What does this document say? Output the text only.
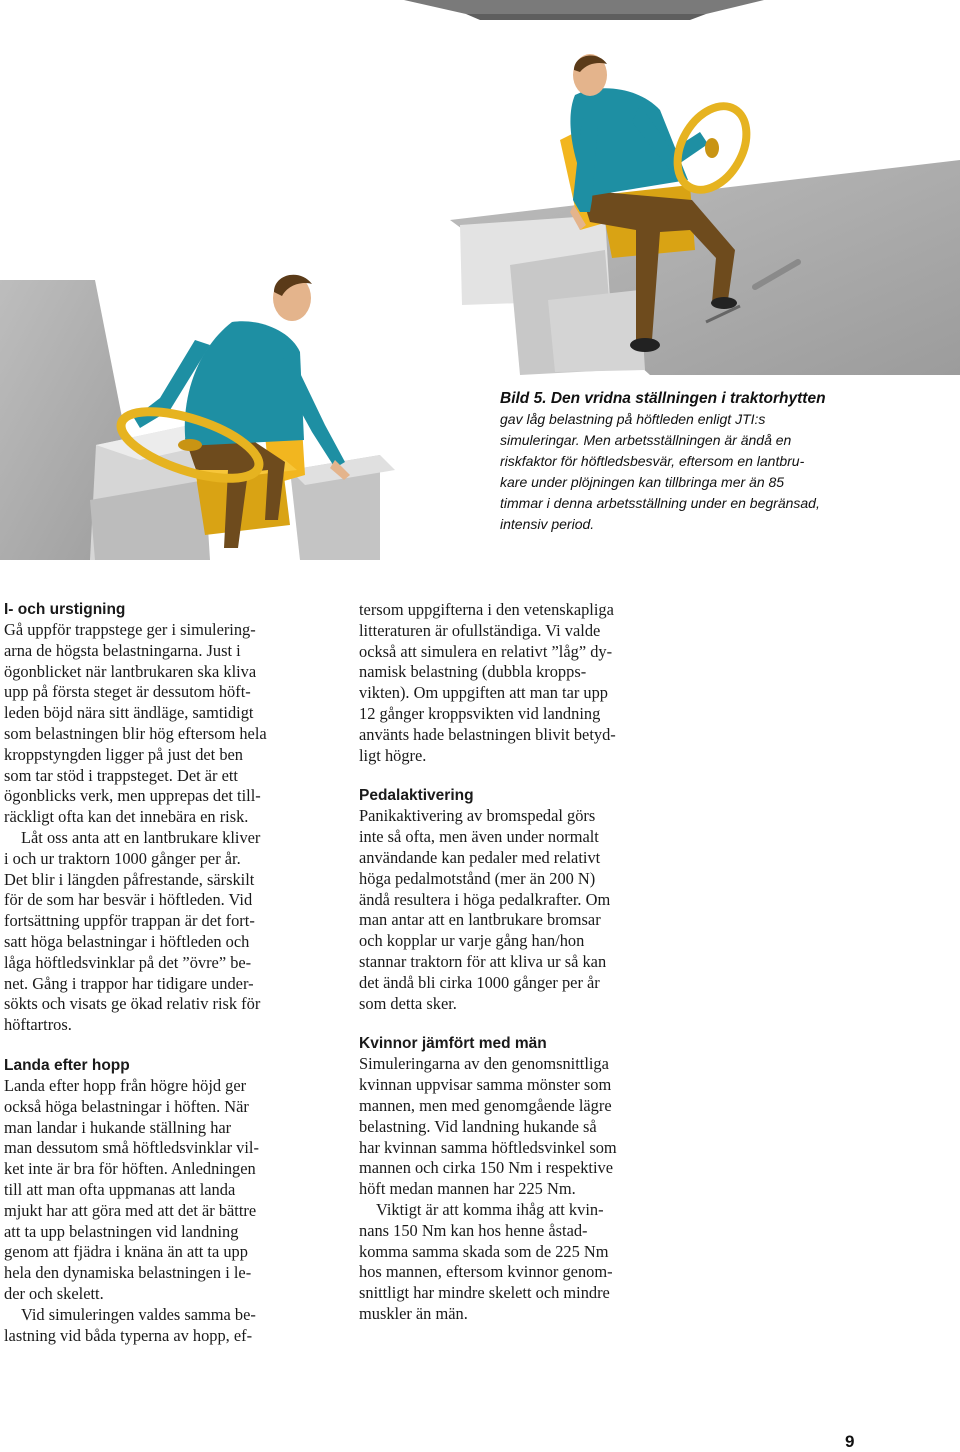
Bild 5. Den vridna ställningen i traktorhytten
gav låg belastning på höftleden enligt JTI:s
simuleringar. Men arbetsställningen är ändå en
riskfaktor för höftledsbesvär, eftersom en lantbru-
kare under plöjningen kan tillbringa mer än 85
timmar i denna arbetsställning under en begränsad,
intensiv period.

I- och urstigning

Gå uppför trappstege ger i simulering-
arna de högsta belastningarna. Just i
ögonblicket när lantbrukaren ska kliva
upp på första steget är dessutom höft-
leden böjd nära sitt ändläge, samtidigt
som belastningen blir hög eftersom hela
kroppstyngden ligger på just det ben
som tar stöd i trappsteget. Det är ett
ögonblicks verk, men upprepas det till-
räckligt ofta kan det innebära en risk.

Låt oss anta att en lantbrukare kliver
i och ur traktorn 1000 gånger per år.
Det blir i längden påfrestande, särskilt
för de som har besvär i höftleden. Vid
fortsättning uppför trappan är det fort-
satt höga belastningar i höftleden och
låga höftledsvinklar på det ”övre” be-
net. Gång i trappor har tidigare under-
sökts och visats ge ökad relativ risk för
höftartros.

Landa efter hopp

Landa efter hopp från högre höjd ger
också höga belastningar i höften. När
man landar i hukande ställning har
man dessutom små höftledsvinklar vil-
ket inte är bra för höften. Anledningen
till att man ofta uppmanas att landa
mjukt har att göra med att det är bättre
att ta upp belastningen vid landning
genom att fjädra i knäna än att ta upp
hela den dynamiska belastningen i le-
der och skelett.

Vid simuleringen valdes samma be-
lastning vid båda typerna av hopp, ef-

tersom uppgifterna i den vetenskapliga
litteraturen är ofullständiga. Vi valde
också att simulera en relativt ”låg” dy-
namisk belastning (dubbla kropps-
vikten). Om uppgiften att man tar upp
12 gånger kroppsvikten vid landning
använts hade belastningen blivit betyd-
ligt högre.

Pedalaktivering

Panikaktivering av bromspedal görs
inte så ofta, men även under normalt
användande kan pedaler med relativt
höga pedalmotstånd (mer än 200 N)
ändå resultera i höga pedalkrafter. Om
man antar att en lantbrukare bromsar
och kopplar ur varje gång han/hon
stannar traktorn för att kliva ur så kan
det ändå bli cirka 1000 gånger per år
som detta sker.

Kvinnor jämfört med män

Simuleringarna av den genomsnittliga
kvinnan uppvisar samma mönster som
mannen, men med genomgående lägre
belastning. Vid landning hukande så
har kvinnan samma höftledsvinkel som
mannen och cirka 150 Nm i respektive
höft medan mannen har 225 Nm.

Viktigt är att komma ihåg att kvin-
nans 150 Nm kan hos henne åstad-
komma samma skada som de 225 Nm
hos mannen, eftersom kvinnor genom-
snittligt har mindre skelett och mindre
muskler än män.

9
